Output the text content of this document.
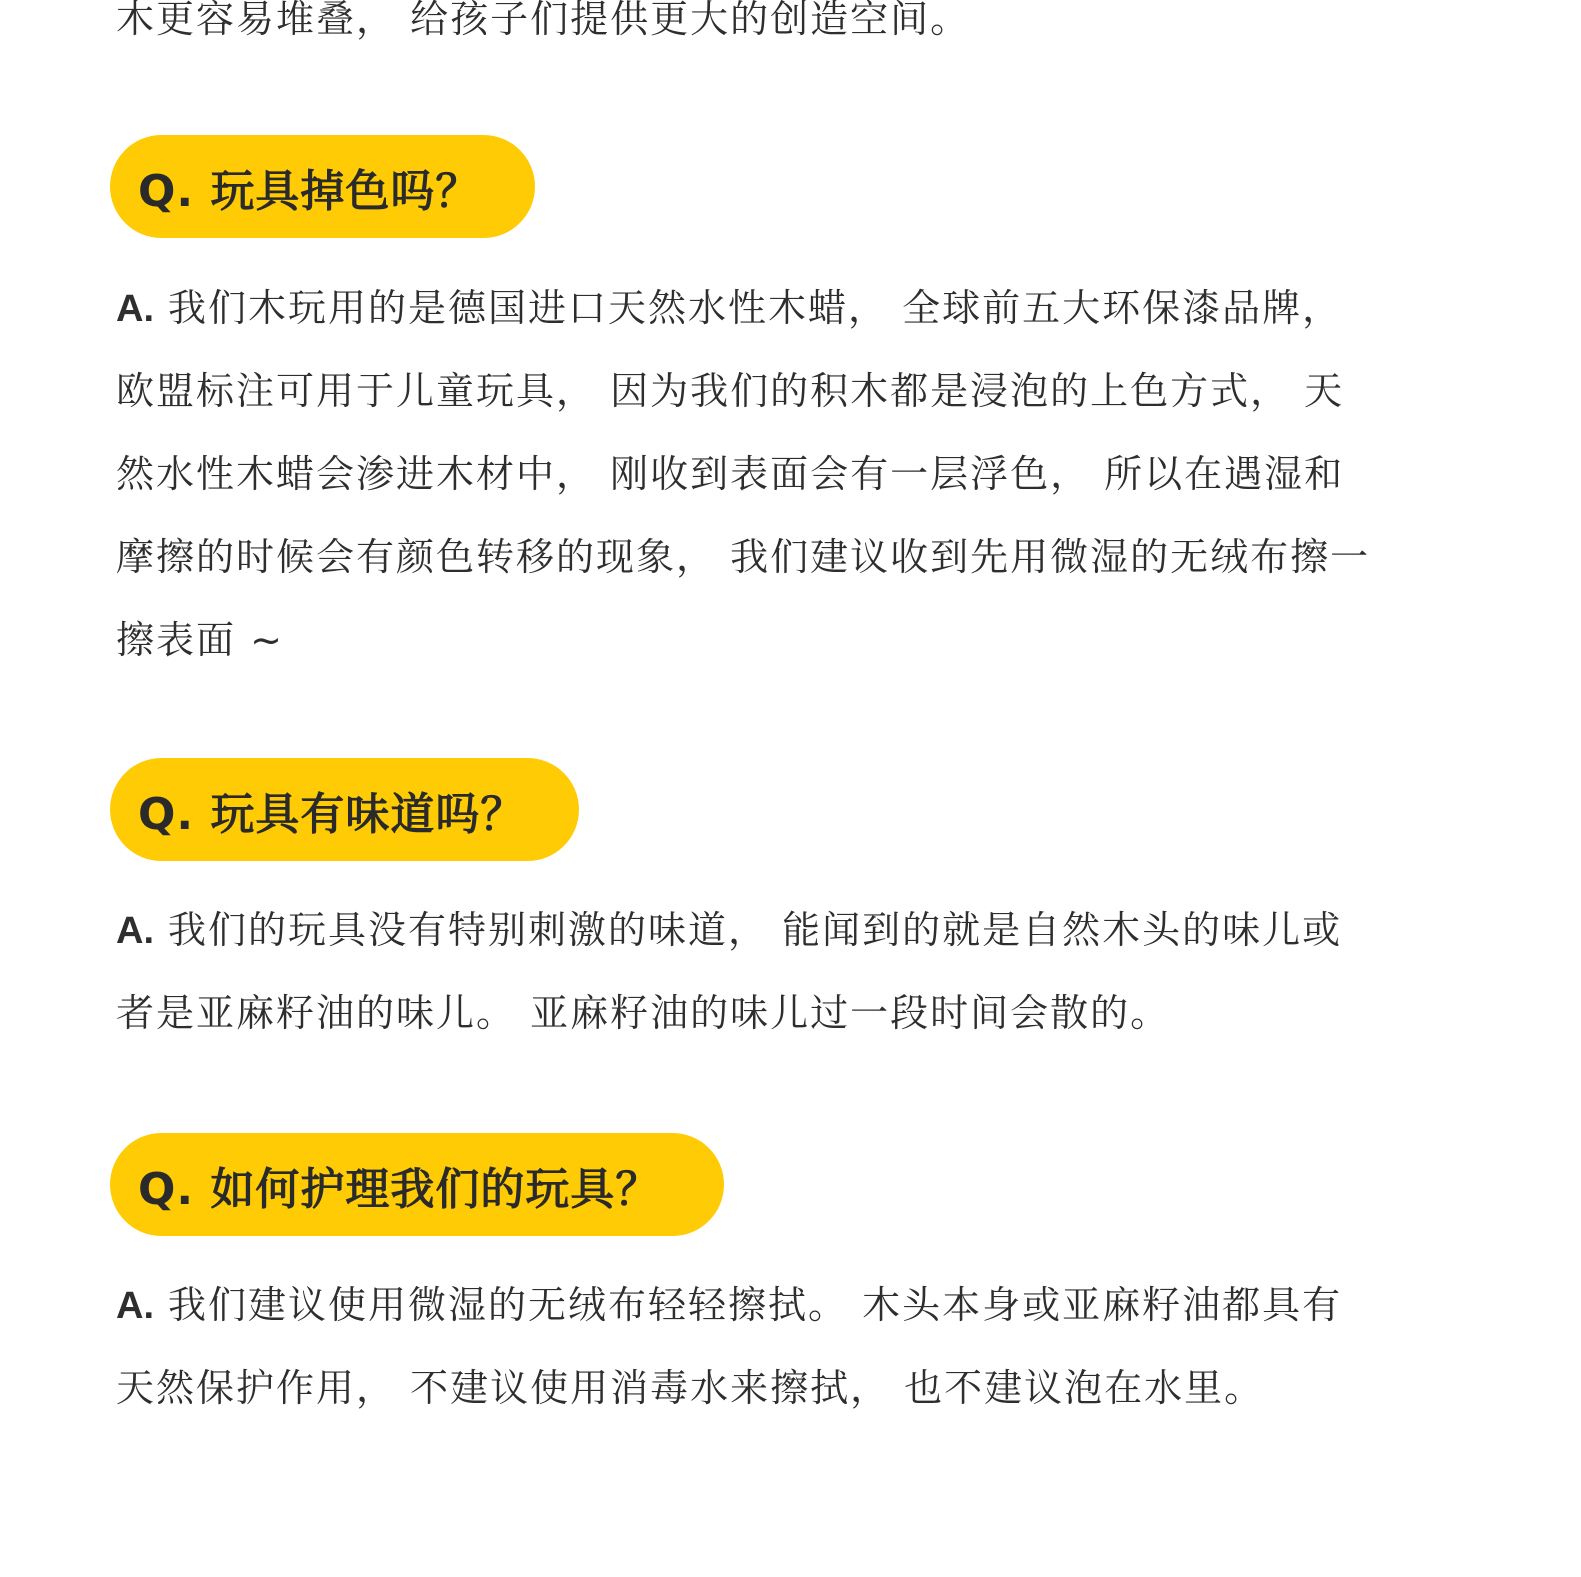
木更容易堆叠， 给孩子们提供更大的创造空间。
Q. 玩具掉色吗？
A. 我们木玩用的是德国进口天然水性木蜡， 全球前五大环保漆品牌，
欧盟标注可用于儿童玩具， 因为我们的积木都是浸泡的上色方式， 天
然水性木蜡会渗进木材中， 刚收到表面会有一层浮色， 所以在遇湿和
摩擦的时候会有颜色转移的现象， 我们建议收到先用微湿的无绒布擦一
擦表面 ~
Q. 玩具有味道吗？
A. 我们的玩具没有特别刺激的味道， 能闻到的就是自然木头的味儿或
者是亚麻籽油的味儿。 亚麻籽油的味儿过一段时间会散的。
Q. 如何护理我们的玩具？
A. 我们建议使用微湿的无绒布轻轻擦拭。 木头本身或亚麻籽油都具有
天然保护作用， 不建议使用消毒水来擦拭， 也不建议泡在水里。
